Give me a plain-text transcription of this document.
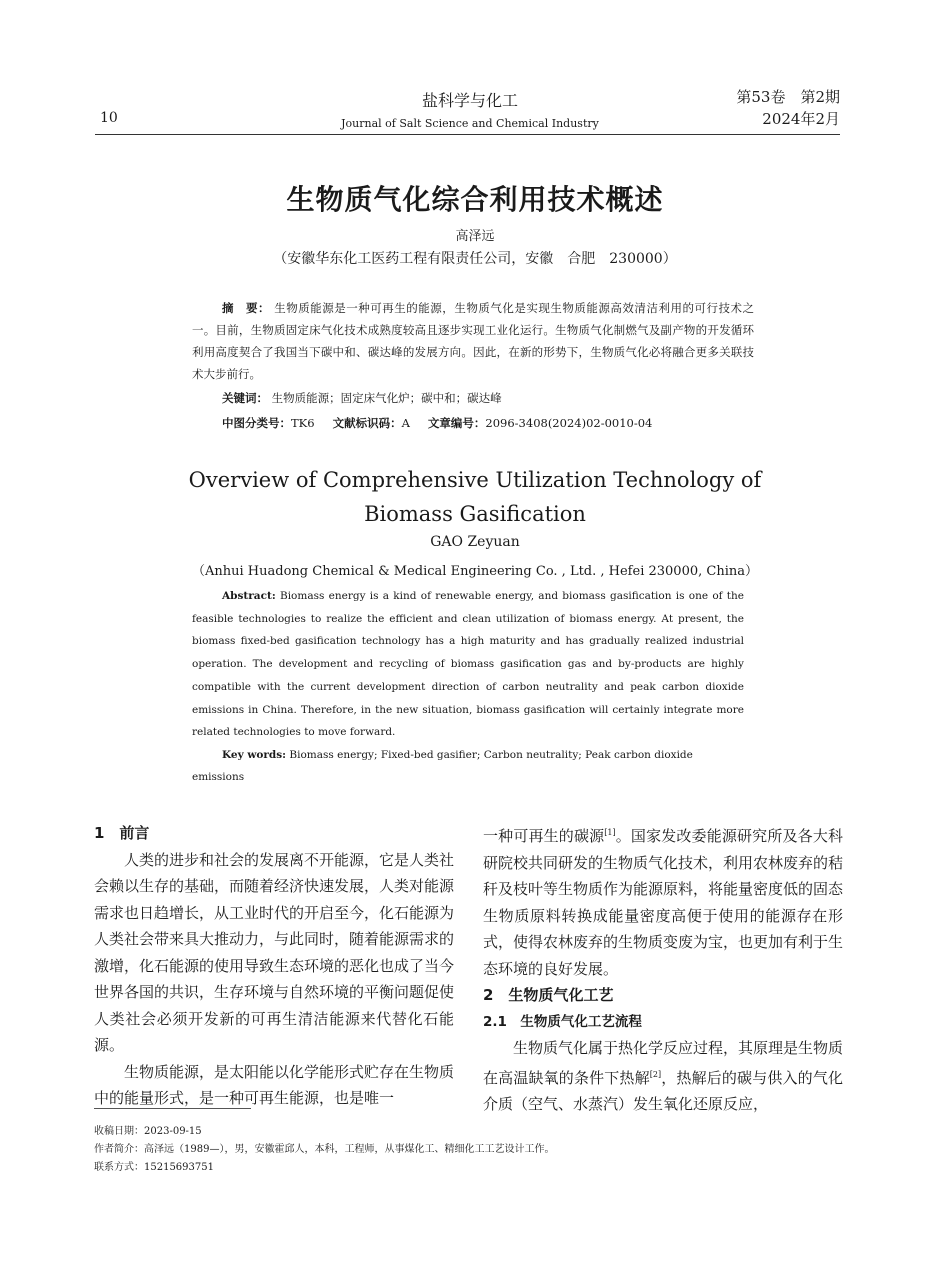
10
盐科学与化工
Journal of Salt Science and Chemical Industry
第53卷　第2期
2024年2月
生物质气化综合利用技术概述
高泽远
（安徽华东化工医药工程有限责任公司，安徽　合肥　230000）
摘　要： 生物质能源是一种可再生的能源，生物质气化是实现生物质能源高效清洁利用的可行技术之一。目前，生物质固定床气化技术成熟度较高且逐步实现工业化运行。生物质气化制燃气及副产物的开发循环利用高度契合了我国当下碳中和、碳达峰的发展方向。因此，在新的形势下，生物质气化必将融合更多关联技术大步前行。
关键词： 生物质能源；固定床气化炉；碳中和；碳达峰
中图分类号：TK6 文献标识码：A 文章编号：2096-3408(2024)02-0010-04
Overview of Comprehensive Utilization Technology of
Biomass Gasification
GAO Zeyuan
（Anhui Huadong Chemical & Medical Engineering Co. , Ltd. , Hefei 230000, China）
Abstract: Biomass energy is a kind of renewable energy, and biomass gasification is one of the feasible technologies to realize the efficient and clean utilization of biomass energy. At present, the biomass fixed-bed gasification technology has a high maturity and has gradually realized industrial operation. The development and recycling of biomass gasification gas and by-products are highly compatible with the current development direction of carbon neutrality and peak carbon dioxide emissions in China. Therefore, in the new situation, biomass gasification will certainly integrate more related technologies to move forward.
Key words: Biomass energy; Fixed-bed gasifier; Carbon neutrality; Peak carbon dioxide emissions

1　前言

人类的进步和社会的发展离不开能源，它是人类社会赖以生存的基础，而随着经济快速发展，人类对能源需求也日趋增长，从工业时代的开启至今，化石能源为人类社会带来具大推动力，与此同时，随着能源需求的激增，化石能源的使用导致生态环境的恶化也成了当今世界各国的共识，生存环境与自然环境的平衡问题促使人类社会必须开发新的可再生清洁能源来代替化石能源。

生物质能源，是太阳能以化学能形式贮存在生物质中的能量形式，是一种可再生能源，也是唯一

一种可再生的碳源[1]。国家发改委能源研究所及各大科研院校共同研发的生物质气化技术，利用农林废弃的秸秆及枝叶等生物质作为能源原料，将能量密度低的固态生物质原料转换成能量密度高便于使用的能源存在形式，使得农林废弃的生物质变废为宝，也更加有利于生态环境的良好发展。

2　生物质气化工艺

2.1　生物质气化工艺流程

生物质气化属于热化学反应过程，其原理是生物质在高温缺氧的条件下热解[2]，热解后的碳与供入的气化介质（空气、水蒸汽）发生氧化还原反应，

收稿日期：2023-09-15
作者简介：高泽远（1989—），男，安徽霍邱人，本科，工程师，从事煤化工、精细化工工艺设计工作。
联系方式：15215693751
